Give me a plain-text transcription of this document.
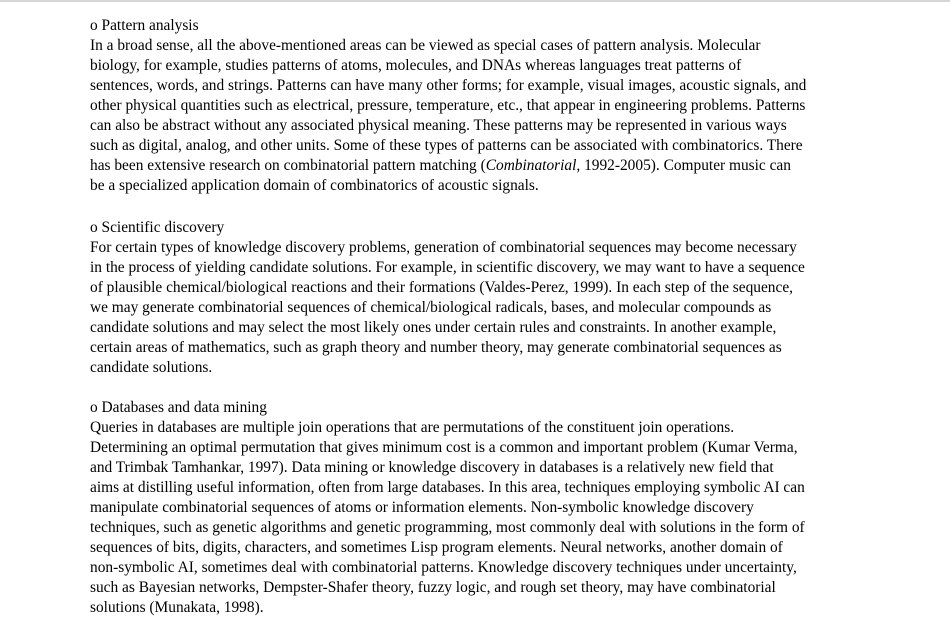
o Pattern analysis
In a broad sense, all the above-mentioned areas can be viewed as special cases of pattern analysis. Molecular
biology, for example, studies patterns of atoms, molecules, and DNAs whereas languages treat patterns of
sentences, words, and strings. Patterns can have many other forms; for example, visual images, acoustic signals, and
other physical quantities such as electrical, pressure, temperature, etc., that appear in engineering problems. Patterns
can also be abstract without any associated physical meaning. These patterns may be represented in various ways
such as digital, analog, and other units. Some of these types of patterns can be associated with combinatorics. There
has been extensive research on combinatorial pattern matching (Combinatorial, 1992-2005). Computer music can
be a specialized application domain of combinatorics of acoustic signals.
o Scientific discovery
For certain types of knowledge discovery problems, generation of combinatorial sequences may become necessary
in the process of yielding candidate solutions. For example, in scientific discovery, we may want to have a sequence
of plausible chemical/biological reactions and their formations (Valdes-Perez, 1999). In each step of the sequence,
we may generate combinatorial sequences of chemical/biological radicals, bases, and molecular compounds as
candidate solutions and may select the most likely ones under certain rules and constraints. In another example,
certain areas of mathematics, such as graph theory and number theory, may generate combinatorial sequences as
candidate solutions.
o Databases and data mining
Queries in databases are multiple join operations that are permutations of the constituent join operations.
Determining an optimal permutation that gives minimum cost is a common and important problem (Kumar Verma,
and Trimbak Tamhankar, 1997). Data mining or knowledge discovery in databases is a relatively new field that
aims at distilling useful information, often from large databases. In this area, techniques employing symbolic AI can
manipulate combinatorial sequences of atoms or information elements. Non-symbolic knowledge discovery
techniques, such as genetic algorithms and genetic programming, most commonly deal with solutions in the form of
sequences of bits, digits, characters, and sometimes Lisp program elements. Neural networks, another domain of
non-symbolic AI, sometimes deal with combinatorial patterns. Knowledge discovery techniques under uncertainty,
such as Bayesian networks, Dempster-Shafer theory, fuzzy logic, and rough set theory, may have combinatorial
solutions (Munakata, 1998).
